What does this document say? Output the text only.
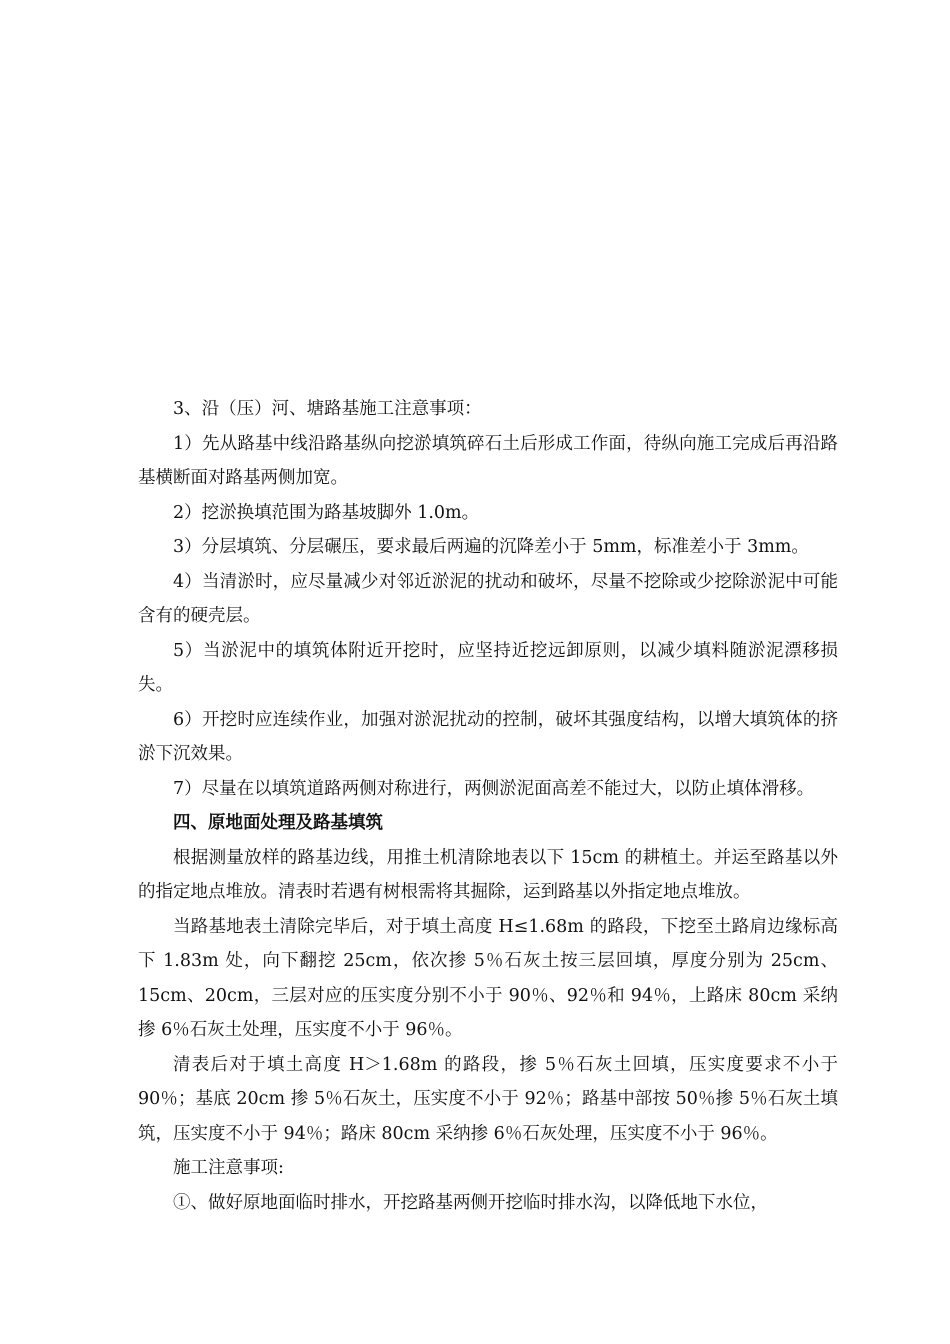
3、沿（压）河、塘路基施工注意事项：

1）先从路基中线沿路基纵向挖淤填筑碎石土后形成工作面，待纵向施工完成后再沿路基横断面对路基两侧加宽。

2）挖淤换填范围为路基坡脚外 1.0m。

3）分层填筑、分层碾压，要求最后两遍的沉降差小于 5mm，标准差小于 3mm。

4）当清淤时，应尽量减少对邻近淤泥的扰动和破坏，尽量不挖除或少挖除淤泥中可能含有的硬壳层。

5）当淤泥中的填筑体附近开挖时，应坚持近挖远卸原则，以减少填料随淤泥漂移损失。

6）开挖时应连续作业，加强对淤泥扰动的控制，破坏其强度结构，以增大填筑体的挤淤下沉效果。

7）尽量在以填筑道路两侧对称进行，两侧淤泥面高差不能过大，以防止填体滑移。

四、原地面处理及路基填筑

根据测量放样的路基边线，用推土机清除地表以下 15cm 的耕植土。并运至路基以外的指定地点堆放。清表时若遇有树根需将其掘除，运到路基以外指定地点堆放。

当路基地表土清除完毕后，对于填土高度 H≤1.68m 的路段，下挖至土路肩边缘标高下 1.83m 处，向下翻挖 25cm，依次掺 5％石灰土按三层回填，厚度分别为 25cm、15cm、20cm，三层对应的压实度分别不小于 90％、92％和 94％，上路床 80cm 采纳掺 6％石灰土处理，压实度不小于 96％。

清表后对于填土高度 H＞1.68m 的路段，掺 5％石灰土回填，压实度要求不小于 90％；基底 20cm 掺 5％石灰土，压实度不小于 92％；路基中部按 50％掺 5％石灰土填筑，压实度不小于 94％；路床 80cm 采纳掺 6％石灰处理，压实度不小于 96％。

施工注意事项:

①、做好原地面临时排水，开挖路基两侧开挖临时排水沟，以降低地下水位，
